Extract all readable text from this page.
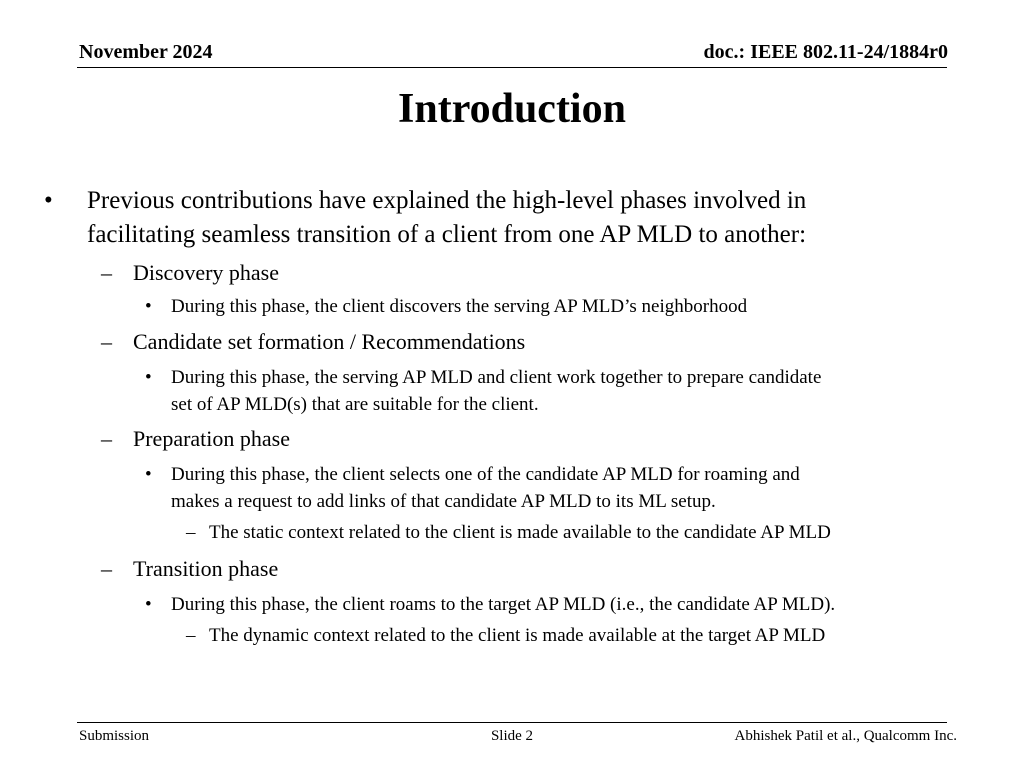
November 2024	doc.: IEEE 802.11-24/1884r0
Introduction
• Previous contributions have explained the high-level phases involved in
facilitating seamless transition of a client from one AP MLD to another:
– Discovery phase
• During this phase, the client discovers the serving AP MLD’s neighborhood
– Candidate set formation / Recommendations
• During this phase, the serving AP MLD and client work together to prepare candidate
set of AP MLD(s) that are suitable for the client.
– Preparation phase
• During this phase, the client selects one of the candidate AP MLD for roaming and
makes a request to add links of that candidate AP MLD to its ML setup.
– The static context related to the client is made available to the candidate AP MLD
– Transition phase
• During this phase, the client roams to the target AP MLD (i.e., the candidate AP MLD).
– The dynamic context related to the client is made available at the target AP MLD
Submission	Slide 2	Abhishek Patil et al., Qualcomm Inc.
